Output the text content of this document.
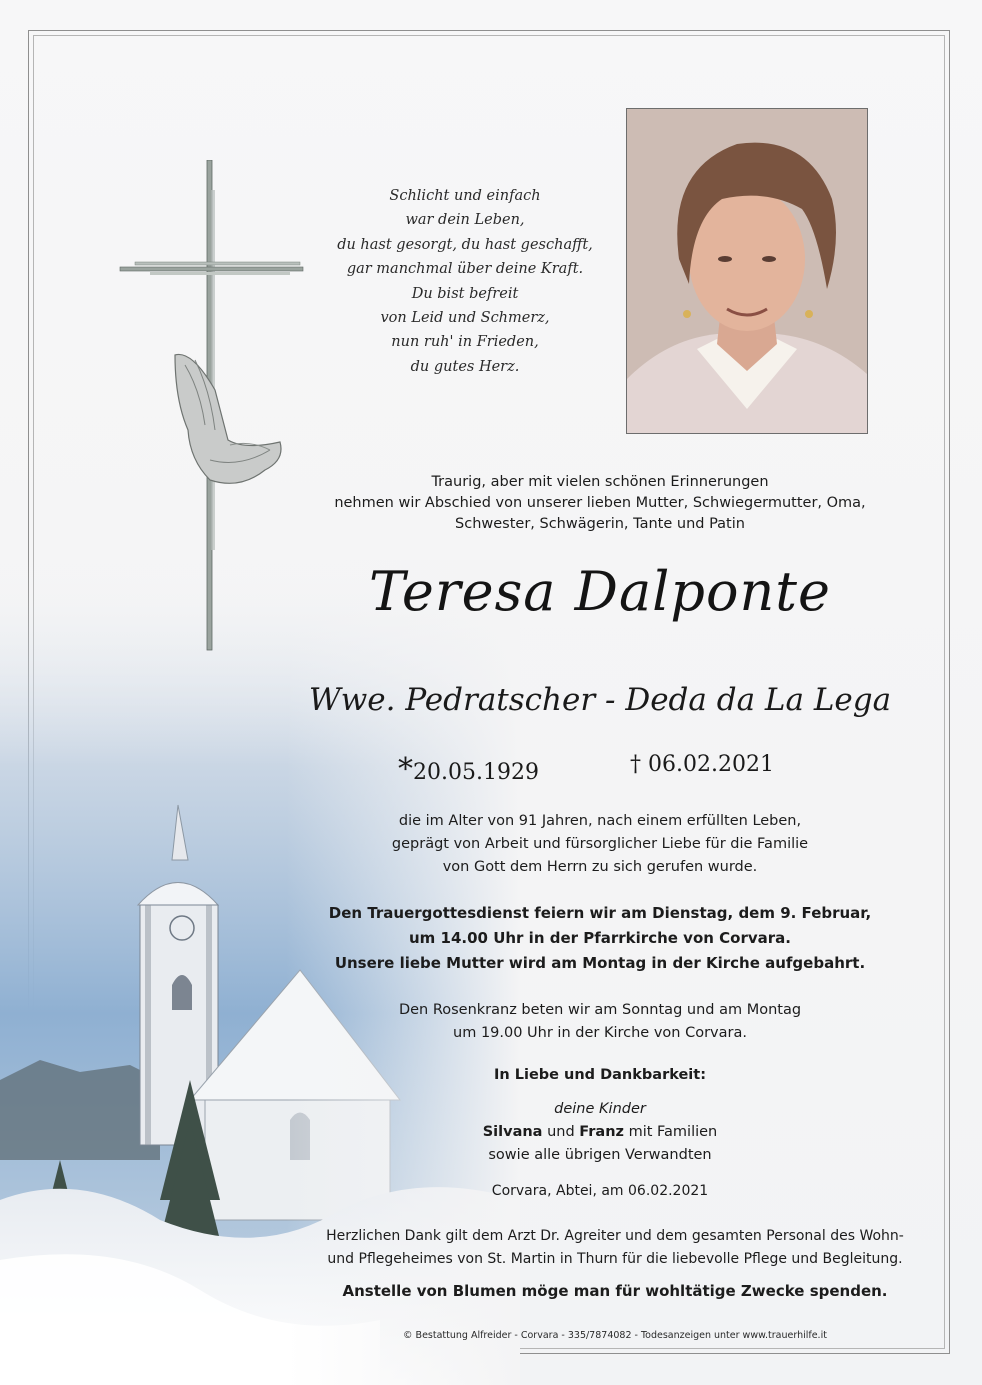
Schlicht und einfach
war dein Leben,
du hast gesorgt, du hast geschafft,
gar manchmal über deine Kraft.
Du bist befreit
von Leid und Schmerz,
nun ruh' in Frieden,
du gutes Herz.
Traurig, aber mit vielen schönen Erinnerungen
nehmen wir Abschied von unserer lieben Mutter, Schwiegermutter, Oma,
Schwester, Schwägerin, Tante und Patin
Teresa Dalponte
Wwe. Pedratscher - Deda da La Lega
*20.05.1929	† 06.02.2021
die im Alter von 91 Jahren, nach einem erfüllten Leben,
geprägt von Arbeit und fürsorglicher Liebe für die Familie
von Gott dem Herrn zu sich gerufen wurde.
Den Trauergottesdienst feiern wir am Dienstag, dem 9. Februar,
um 14.00 Uhr in der Pfarrkirche von Corvara.
Unsere liebe Mutter wird am Montag in der Kirche aufgebahrt.
Den Rosenkranz beten wir am Sonntag und am Montag
um 19.00 Uhr in der Kirche von Corvara.
In Liebe und Dankbarkeit:
deine Kinder
Silvana und Franz mit Familien
sowie alle übrigen Verwandten
Corvara, Abtei, am 06.02.2021
Herzlichen Dank gilt dem Arzt Dr. Agreiter und dem gesamten Personal des Wohn-
und Pflegeheimes von St. Martin in Thurn für die liebevolle Pflege und Begleitung.
Anstelle von Blumen möge man für wohltätige Zwecke spenden.
© Bestattung Alfreider - Corvara - 335/7874082 - Todesanzeigen unter www.trauerhilfe.it
